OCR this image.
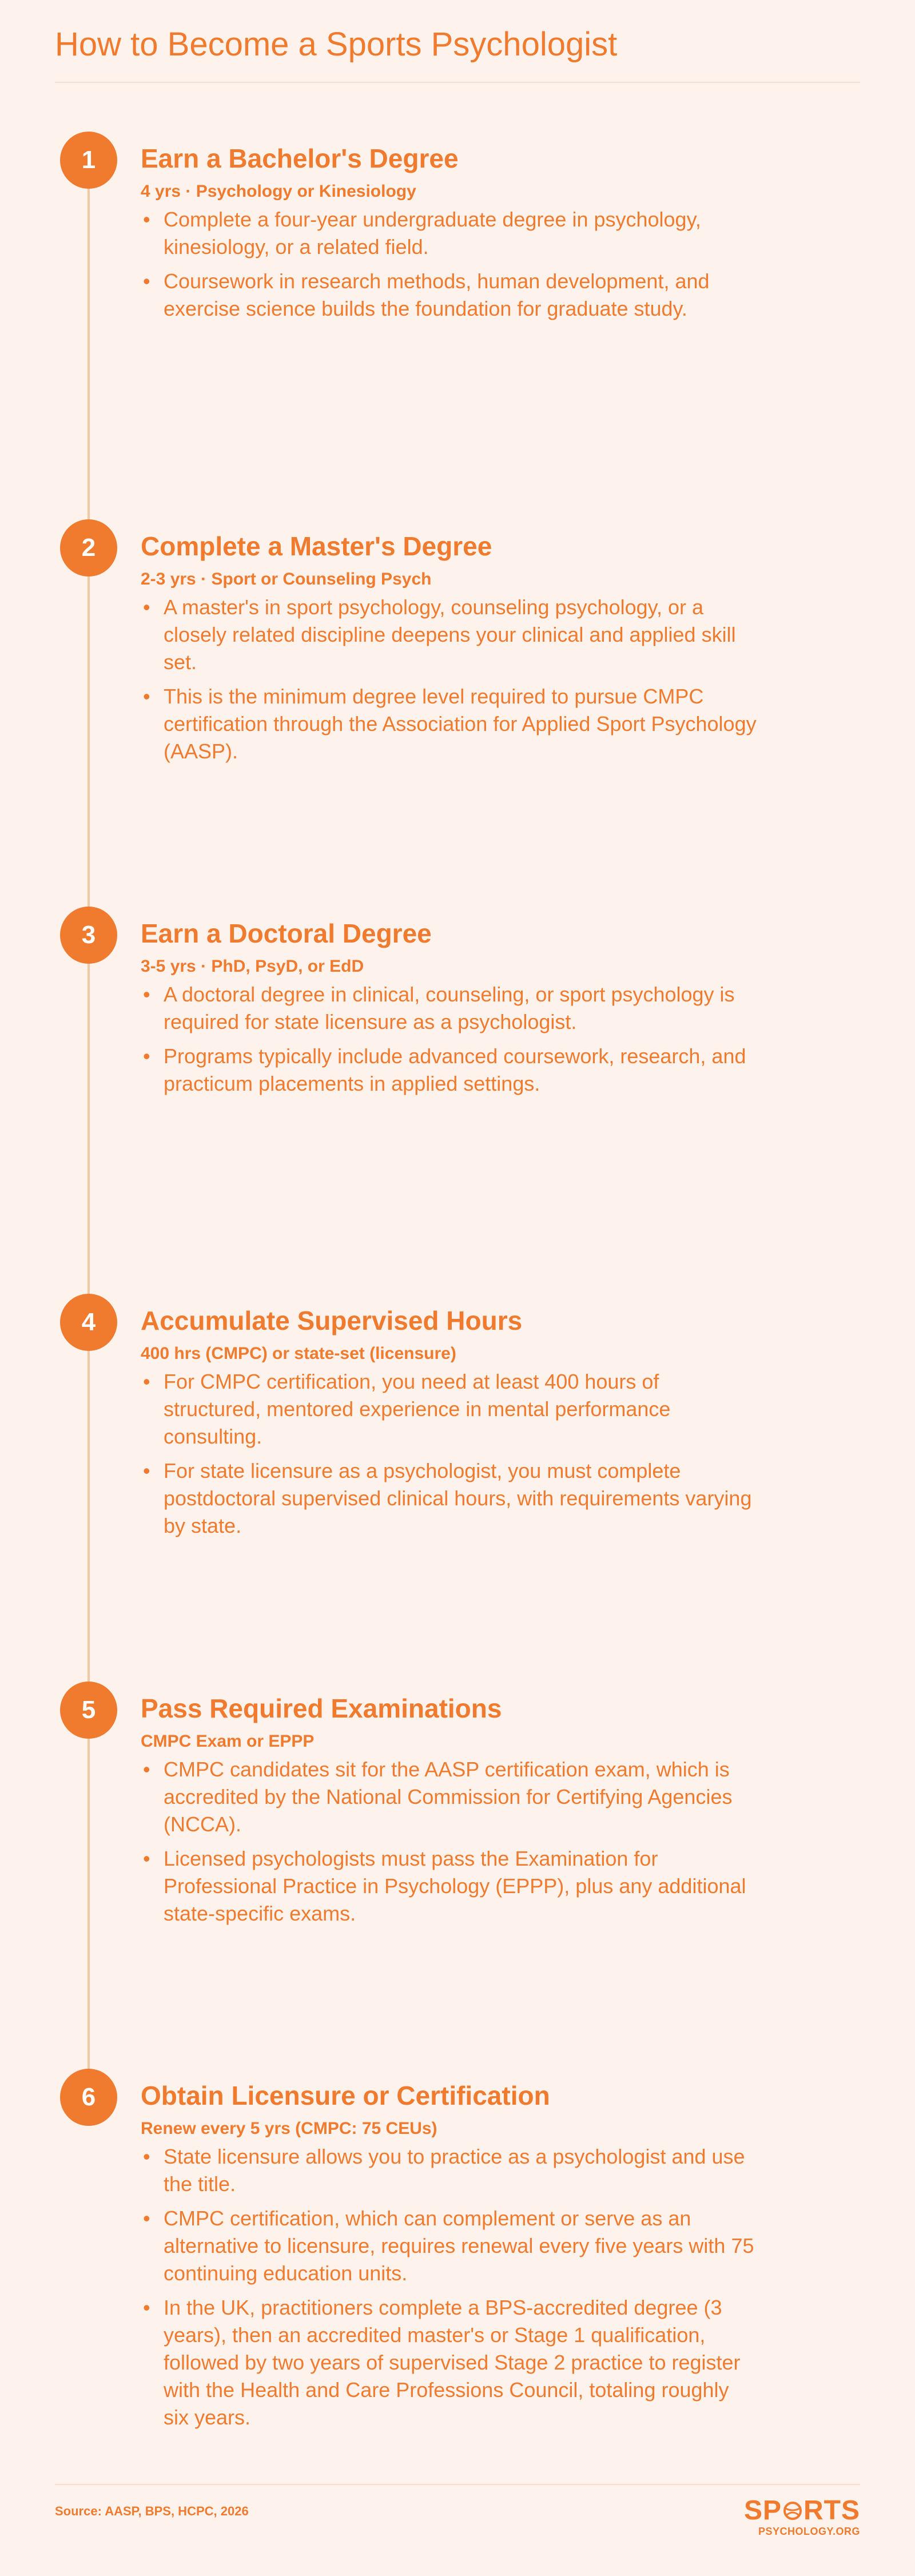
How to Become a Sports Psychologist
1	Earn a Bachelor's Degree
4 yrs · Psychology or Kinesiology
• Complete a four-year undergraduate degree in psychology, kinesiology, or a related field.
• Coursework in research methods, human development, and exercise science builds the foundation for graduate study.
2	Complete a Master's Degree
2-3 yrs · Sport or Counseling Psych
• A master's in sport psychology, counseling psychology, or a closely related discipline deepens your clinical and applied skill set.
• This is the minimum degree level required to pursue CMPC certification through the Association for Applied Sport Psychology (AASP).
3	Earn a Doctoral Degree
3-5 yrs · PhD, PsyD, or EdD
• A doctoral degree in clinical, counseling, or sport psychology is required for state licensure as a psychologist.
• Programs typically include advanced coursework, research, and practicum placements in applied settings.
4	Accumulate Supervised Hours
400 hrs (CMPC) or state-set (licensure)
• For CMPC certification, you need at least 400 hours of structured, mentored experience in mental performance consulting.
• For state licensure as a psychologist, you must complete postdoctoral supervised clinical hours, with requirements varying by state.
5	Pass Required Examinations
CMPC Exam or EPPP
• CMPC candidates sit for the AASP certification exam, which is accredited by the National Commission for Certifying Agencies (NCCA).
• Licensed psychologists must pass the Examination for Professional Practice in Psychology (EPPP), plus any additional state-specific exams.
6	Obtain Licensure or Certification
Renew every 5 yrs (CMPC: 75 CEUs)
• State licensure allows you to practice as a psychologist and use the title.
• CMPC certification, which can complement or serve as an alternative to licensure, requires renewal every five years with 75 continuing education units.
• In the UK, practitioners complete a BPS-accredited degree (3 years), then an accredited master's or Stage 1 qualification, followed by two years of supervised Stage 2 practice to register with the Health and Care Professions Council, totaling roughly six years.
Source: AASP, BPS, HCPC, 2026	SP RTS
PSYCHOLOGY.ORG
